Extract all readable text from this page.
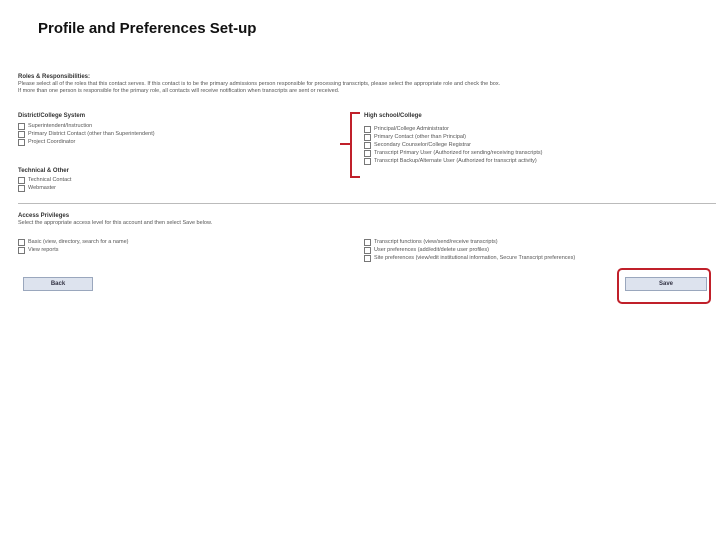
Profile and Preferences Set-up
Roles & Responsibilities:
Please select all of the roles that this contact serves. If this contact is to be the primary admissions person responsible for processing transcripts, please select the appropriate role and check the box.
If more than one person is responsible for the primary role, all contacts will receive notification when transcripts are sent or received.
District/College System
Superintendent/Instruction
Primary District Contact (other than Superintendent)
Project Coordinator
Technical & Other
Technical Contact
Webmaster
High school/College
Principal/College Administrator
Primary Contact (other than Principal)
Secondary Counselor/College Registrar
Transcript Primary User (Authorized for sending/receiving transcripts)
Transcript Backup/Alternate User (Authorized for transcript activity)
Access Privileges
Select the appropriate access level for this account and then select Save below.
Basic (view, directory, search for a name)
View reports
Transcript functions (view/send/receive transcripts)
User preferences (add/edit/delete user profiles)
Site preferences (view/edit institutional information, Secure Transcript preferences)
Back	Save
